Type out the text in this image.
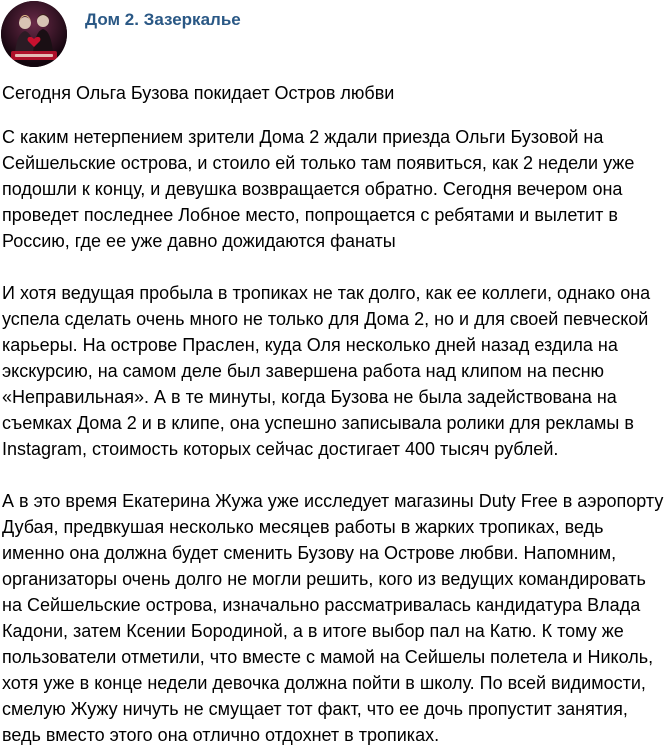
Дом 2. Зазеркалье
Сегодня Ольга Бузова покидает Остров любви

С каким нетерпением зрители Дома 2 ждали приезда Ольги Бузовой на Сейшельские острова, и стоило ей только там появиться, как 2 недели уже подошли к концу, и девушка возвращается обратно. Сегодня вечером она проведет последнее Лобное место, попрощается с ребятами и вылетит в Россию, где ее уже давно дожидаются фанаты

И хотя ведущая пробыла в тропиках не так долго, как ее коллеги, однако она успела сделать очень много не только для Дома 2, но и для своей певческой карьеры. На острове Праслен, куда Оля несколько дней назад ездила на экскурсию, на самом деле был завершена работа над клипом на песню «Неправильная». А в те минуты, когда Бузова не была задействована на съемках Дома 2 и в клипе, она успешно записывала ролики для рекламы в Instagram, стоимость которых сейчас достигает 400 тысяч рублей.

А в это время Екатерина Жужа уже исследует магазины Duty Free в аэропорту Дубая, предвкушая несколько месяцев работы в жарких тропиках, ведь именно она должна будет сменить Бузову на Острове любви. Напомним, организаторы очень долго не могли решить, кого из ведущих командировать на Сейшельские острова, изначально рассматривалась кандидатура Влада Кадони, затем Ксении Бородиной, а в итоге выбор пал на Катю. К тому же пользователи отметили, что вместе с мамой на Сейшелы полетела и Николь, хотя уже в конце недели девочка должна пойти в школу. По всей видимости, смелую Жужу ничуть не смущает тот факт, что ее дочь пропустит занятия, ведь вместо этого она отлично отдохнет в тропиках.
